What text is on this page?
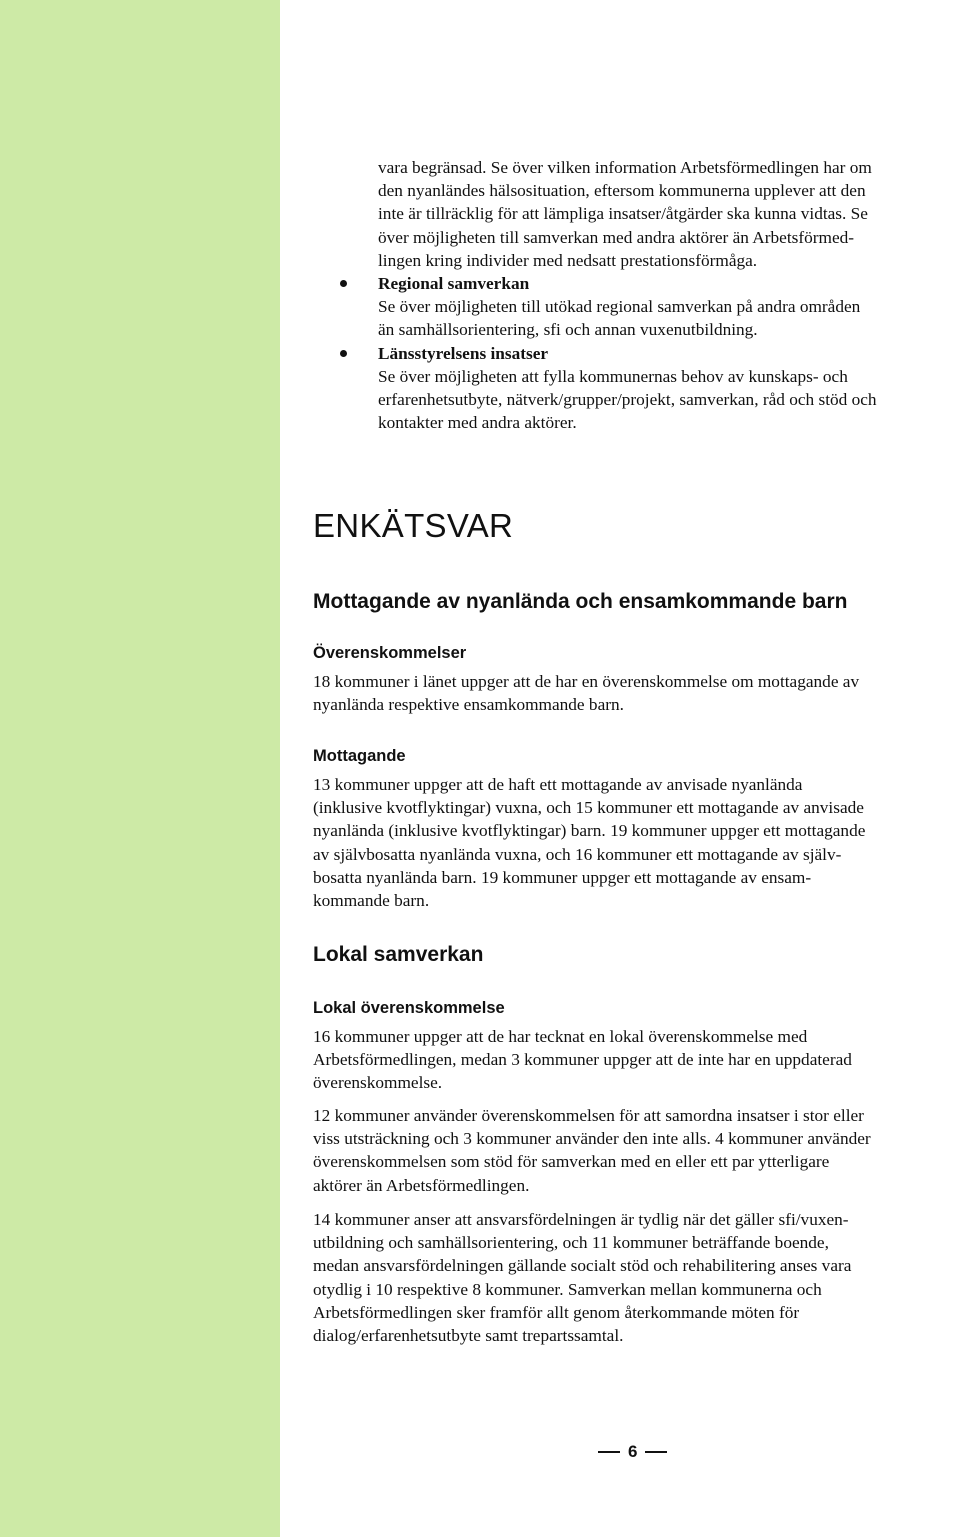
vara begränsad. Se över vilken information Arbetsförmedlingen har om
den nyanländes hälsosituation, eftersom kommunerna upplever att den
inte är tillräcklig för att lämpliga insatser/åtgärder ska kunna vidtas. Se
över möjligheten till samverkan med andra aktörer än Arbetsförmed-
lingen kring individer med nedsatt prestationsförmåga.
Regional samverkan
Se över möjligheten till utökad regional samverkan på andra områden
än samhällsorientering, sfi och annan vuxenutbildning.
Länsstyrelsens insatser
Se över möjligheten att fylla kommunernas behov av kunskaps- och
erfarenhetsutbyte, nätverk/grupper/projekt, samverkan, råd och stöd och
kontakter med andra aktörer.
ENKÄTSVAR
Mottagande av nyanlända och ensamkommande barn
Överenskommelser
18 kommuner i länet uppger att de har en överenskommelse om mottagande av
nyanlända respektive ensamkommande barn.
Mottagande
13 kommuner uppger att de haft ett mottagande av anvisade nyanlända
(inklusive kvotflyktingar) vuxna, och 15 kommuner ett mottagande av anvisade
nyanlända (inklusive kvotflyktingar) barn. 19 kommuner uppger ett mottagande
av självbosatta nyanlända vuxna, och 16 kommuner ett mottagande av själv-
bosatta nyanlända barn. 19 kommuner uppger ett mottagande av ensam-
kommande barn.
Lokal samverkan
Lokal överenskommelse
16 kommuner uppger att de har tecknat en lokal överenskommelse med
Arbetsförmedlingen, medan 3 kommuner uppger att de inte har en uppdaterad
överenskommelse.
12 kommuner använder överenskommelsen för att samordna insatser i stor eller
viss utsträckning och 3 kommuner använder den inte alls. 4 kommuner använder
överenskommelsen som stöd för samverkan med en eller ett par ytterligare
aktörer än Arbetsförmedlingen.
14 kommuner anser att ansvarsfördelningen är tydlig när det gäller sfi/vuxen-
utbildning och samhällsorientering, och 11 kommuner beträffande boende,
medan ansvarsfördelningen gällande socialt stöd och rehabilitering anses vara
otydlig i 10 respektive 8 kommuner. Samverkan mellan kommunerna och
Arbetsförmedlingen sker framför allt genom återkommande möten för
dialog/erfarenhetsutbyte samt trepartssamtal.
6
